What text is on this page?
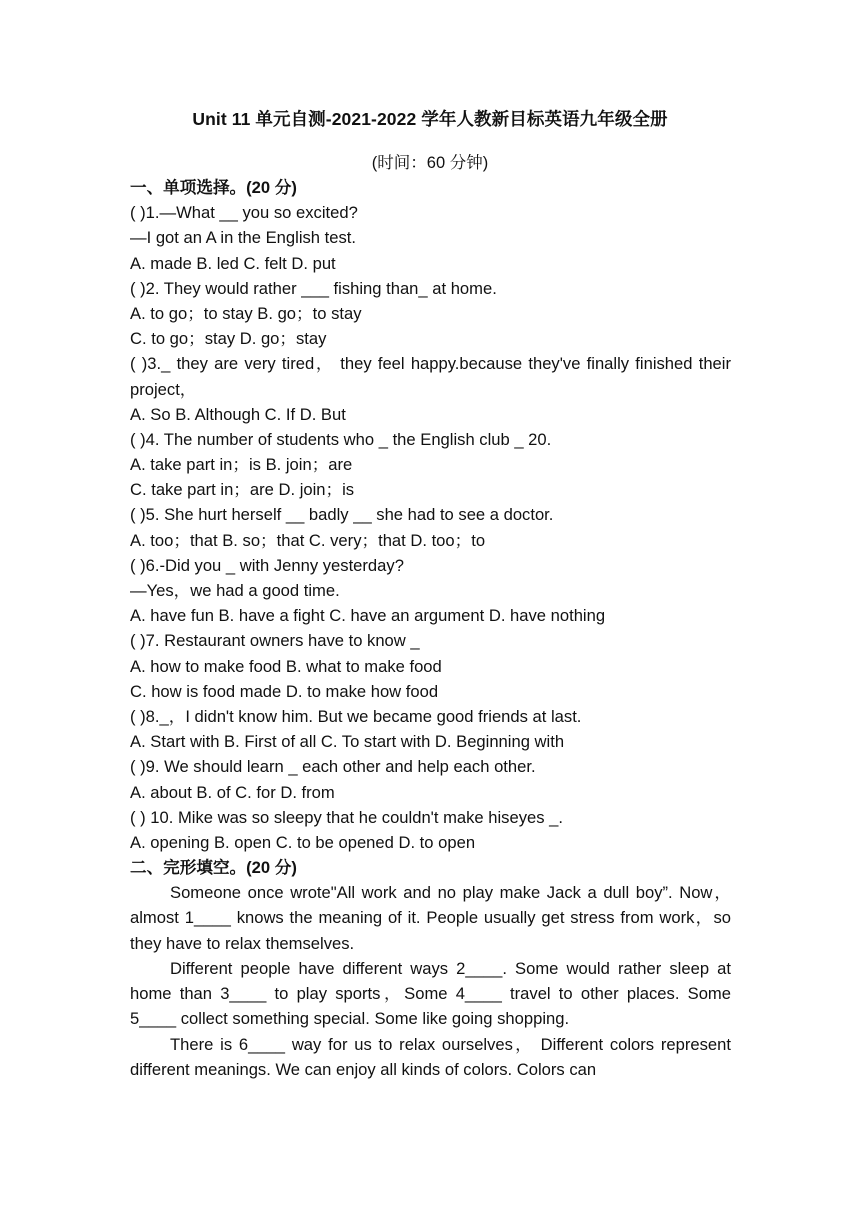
Unit 11 单元自测-2021-2022 学年人教新目标英语九年级全册
(时间：60 分钟)
一、单项选择。(20 分)
( )1.—What __ you so excited?
—I got an A in the English test.
A. made B. led C. felt D. put
( )2. They would rather ___ fishing than_ at home.
A. to go；to stay B. go；to stay
C. to go；stay D. go；stay
( )3._ they are very tired， they feel happy.because they've finally finished their project，
A. So B. Although C. If D. But
( )4. The number of students who _ the English club _ 20.
A. take part in；is B. join；are
C. take part in；are D. join；is
( )5. She hurt herself __ badly __ she had to see a doctor.
A. too；that B. so；that C. very；that D. too；to
( )6.-Did you _ with Jenny yesterday?
—Yes，we had a good time.
A. have fun B. have a fight C. have an argument D. have nothing
( )7. Restaurant owners have to know _
A. how to make food B. what to make food
C. how is food made D. to make how food
( )8._，I didn't know him. But we became good friends at last.
A. Start with B. First of all C. To start with D. Beginning with
( )9. We should learn _ each other and help each other.
A. about B. of C. for D. from
( ) 10. Mike was so sleepy that he couldn't make hiseyes _.
A. opening B. open C. to be opened D. to open
二、完形填空。(20 分)
Someone once wrote"All work and no play make Jack a dull boy”. Now， almost 1____ knows the meaning of it. People usually get stress from work，so they have to relax themselves.
Different people have different ways 2____. Some would rather sleep at home than 3____ to play sports，Some 4____ travel to other places. Some 5____ collect something special. Some like going shopping.
There is 6____ way for us to relax ourselves， Different colors represent different meanings. We can enjoy all kinds of colors. Colors can
